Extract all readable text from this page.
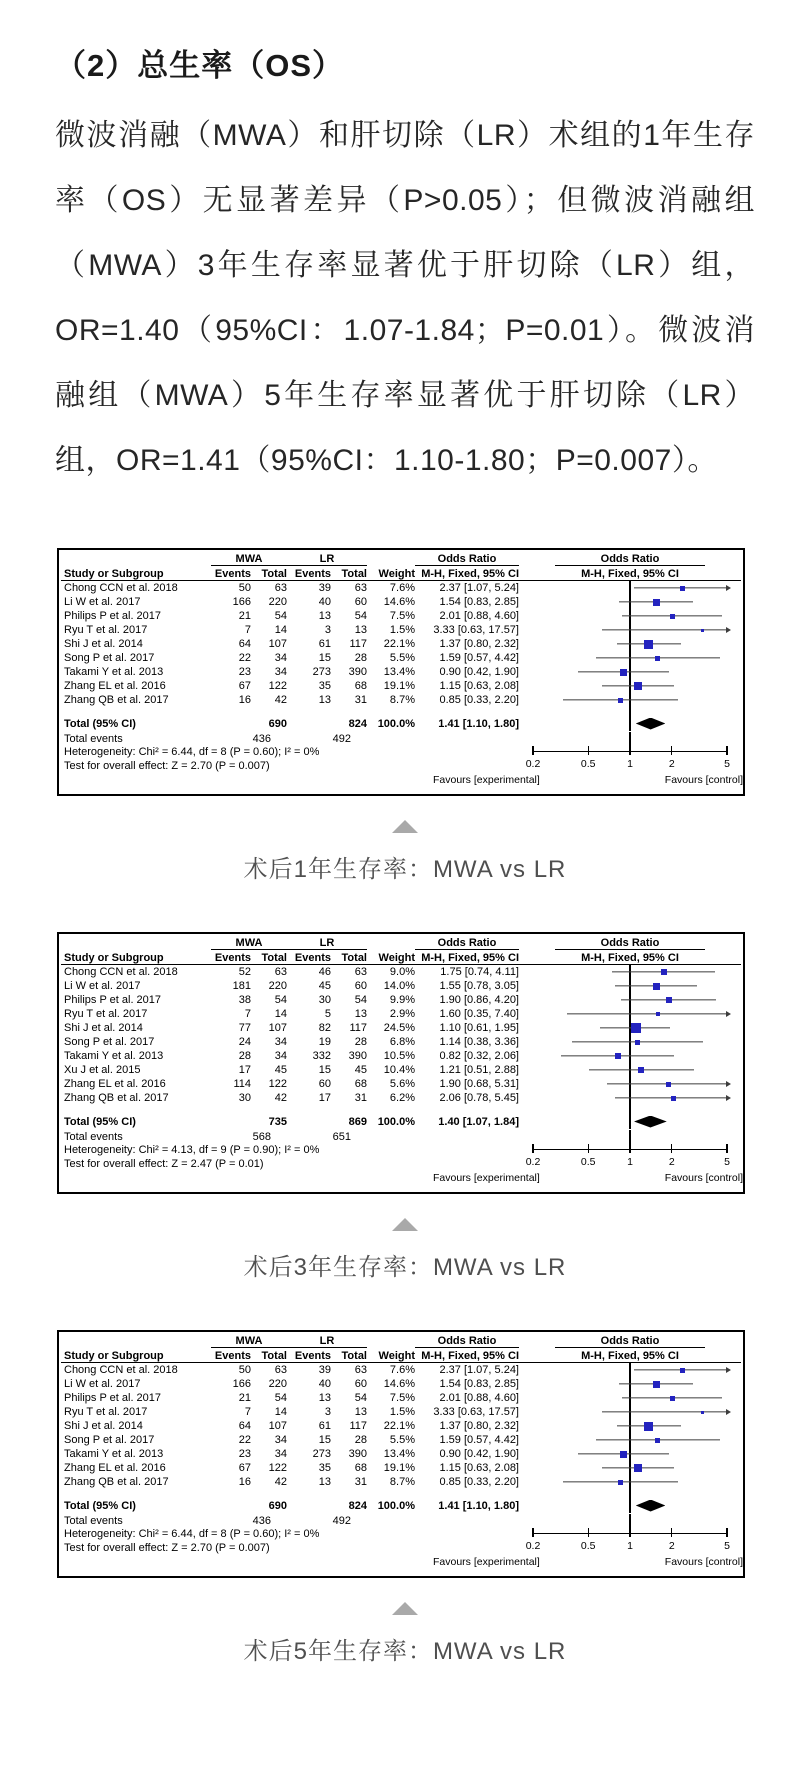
（2）总生率（OS）

微波消融（MWA）和肝切除（LR）术组的1年生存率（OS）无显著差异（P>0.05）；但微波消融组（MWA）3年生存率显著优于肝切除（LR）组，OR=1.40（95%CI：1.07-1.84；P=0.01）。微波消融组（MWA）5年生存率显著优于肝切除（LR）组，OR=1.41（95%CI：1.10-1.80；P=0.007）。

MWA	LR	Odds Ratio	Odds Ratio
Study or Subgroup	Events Total Events Total	Weight M-H, Fixed, 95% CI	M-H, Fixed, 95% CI
Chong CCN et al. 2018	50	63	39	63	7.6%	2.37 [1.07, 5.24]
Li W et al. 2017	166	220	40	60	14.6%	1.54 [0.83, 2.85]
Philips P et al. 2017	21	54	13	54	7.5%	2.01 [0.88, 4.60]
Ryu T et al. 2017	7	14	3	13	1.5%	3.33 [0.63, 17.57]
Shi J et al. 2014	64	107	61	117	22.1%	1.37 [0.80, 2.32]
Song P et al. 2017	22	34	15	28	5.5%	1.59 [0.57, 4.42]
Takami Y et al. 2013	23	34	273	390	13.4%	0.90 [0.42, 1.90]
Zhang EL et al. 2016	67	122	35	68	19.1%	1.15 [0.63, 2.08]
Zhang QB et al. 2017	16	42	13	31	8.7%	0.85 [0.33, 2.20]
Total (95% CI)	690	824 100.0%	1.41 [1.10, 1.80]
Total events	436	492
Heterogeneity: Chi² = 6.44, df = 8 (P = 0.60); I² = 0%
Test for overall effect: Z = 2.70 (P = 0.007)	0.2	0.5	1	2	5
Favours [experimental]	Favours [control]
术后1年生存率：MWA vs LR
MWA	LR	Odds Ratio	Odds Ratio
Study or Subgroup	Events Total Events Total	Weight M-H, Fixed, 95% CI	M-H, Fixed, 95% CI
Chong CCN et al. 2018	52	63	46	63	9.0%	1.75 [0.74, 4.11]
Li W et al. 2017	181	220	45	60	14.0%	1.55 [0.78, 3.05]
Philips P et al. 2017	38	54	30	54	9.9%	1.90 [0.86, 4.20]
Ryu T et al. 2017	7	14	5	13	2.9%	1.60 [0.35, 7.40]
Shi J et al. 2014	77	107	82	117	24.5%	1.10 [0.61, 1.95]
Song P et al. 2017	24	34	19	28	6.8%	1.14 [0.38, 3.36]
Takami Y et al. 2013	28	34	332	390	10.5%	0.82 [0.32, 2.06]
Xu J et al. 2015	17	45	15	45	10.4%	1.21 [0.51, 2.88]
Zhang EL et al. 2016	114	122	60	68	5.6%	1.90 [0.68, 5.31]
Zhang QB et al. 2017	30	42	17	31	6.2%	2.06 [0.78, 5.45]
Total (95% CI)	735	869 100.0%	1.40 [1.07, 1.84]
Total events	568	651
Heterogeneity: Chi² = 4.13, df = 9 (P = 0.90); I² = 0%
Test for overall effect: Z = 2.47 (P = 0.01)	0.2	0.5	1	2	5
Favours [experimental]	Favours [control]
术后3年生存率：MWA vs LR
MWA	LR	Odds Ratio	Odds Ratio
Study or Subgroup	Events Total Events Total	Weight M-H, Fixed, 95% CI	M-H, Fixed, 95% CI
Chong CCN et al. 2018	50	63	39	63	7.6%	2.37 [1.07, 5.24]
Li W et al. 2017	166	220	40	60	14.6%	1.54 [0.83, 2.85]
Philips P et al. 2017	21	54	13	54	7.5%	2.01 [0.88, 4.60]
Ryu T et al. 2017	7	14	3	13	1.5%	3.33 [0.63, 17.57]
Shi J et al. 2014	64	107	61	117	22.1%	1.37 [0.80, 2.32]
Song P et al. 2017	22	34	15	28	5.5%	1.59 [0.57, 4.42]
Takami Y et al. 2013	23	34	273	390	13.4%	0.90 [0.42, 1.90]
Zhang EL et al. 2016	67	122	35	68	19.1%	1.15 [0.63, 2.08]
Zhang QB et al. 2017	16	42	13	31	8.7%	0.85 [0.33, 2.20]
Total (95% CI)	690	824 100.0%	1.41 [1.10, 1.80]
Total events	436	492
Heterogeneity: Chi² = 6.44, df = 8 (P = 0.60); I² = 0%
Test for overall effect: Z = 2.70 (P = 0.007)	0.2	0.5	1	2	5
Favours [experimental]	Favours [control]
术后5年生存率：MWA vs LR
